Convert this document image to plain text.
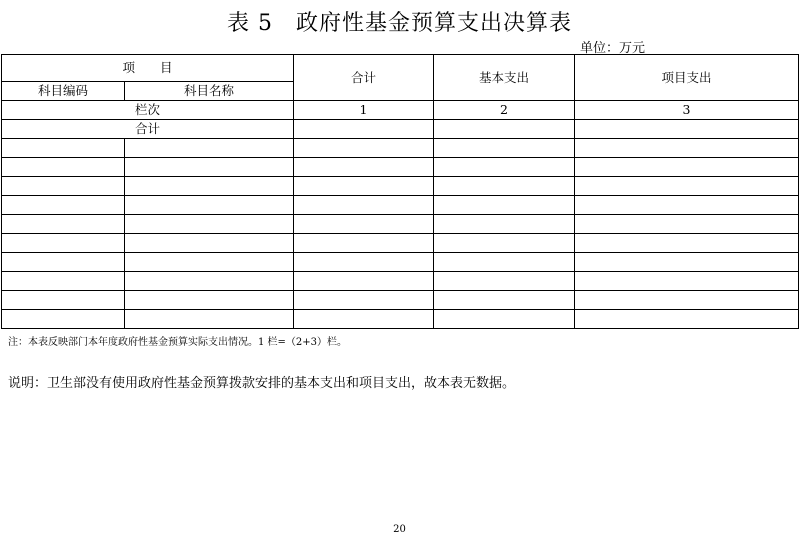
表 5　政府性基金预算支出决算表
单位：万元
项　　目		合计	基本支出	项目支出
科目编码	科目名称			
栏次		1	2	3
合计				

注：本表反映部门本年度政府性基金预算实际支出情况。1 栏=（2+3）栏。
说明：卫生部没有使用政府性基金预算拨款安排的基本支出和项目支出，故本表无数据。
20
